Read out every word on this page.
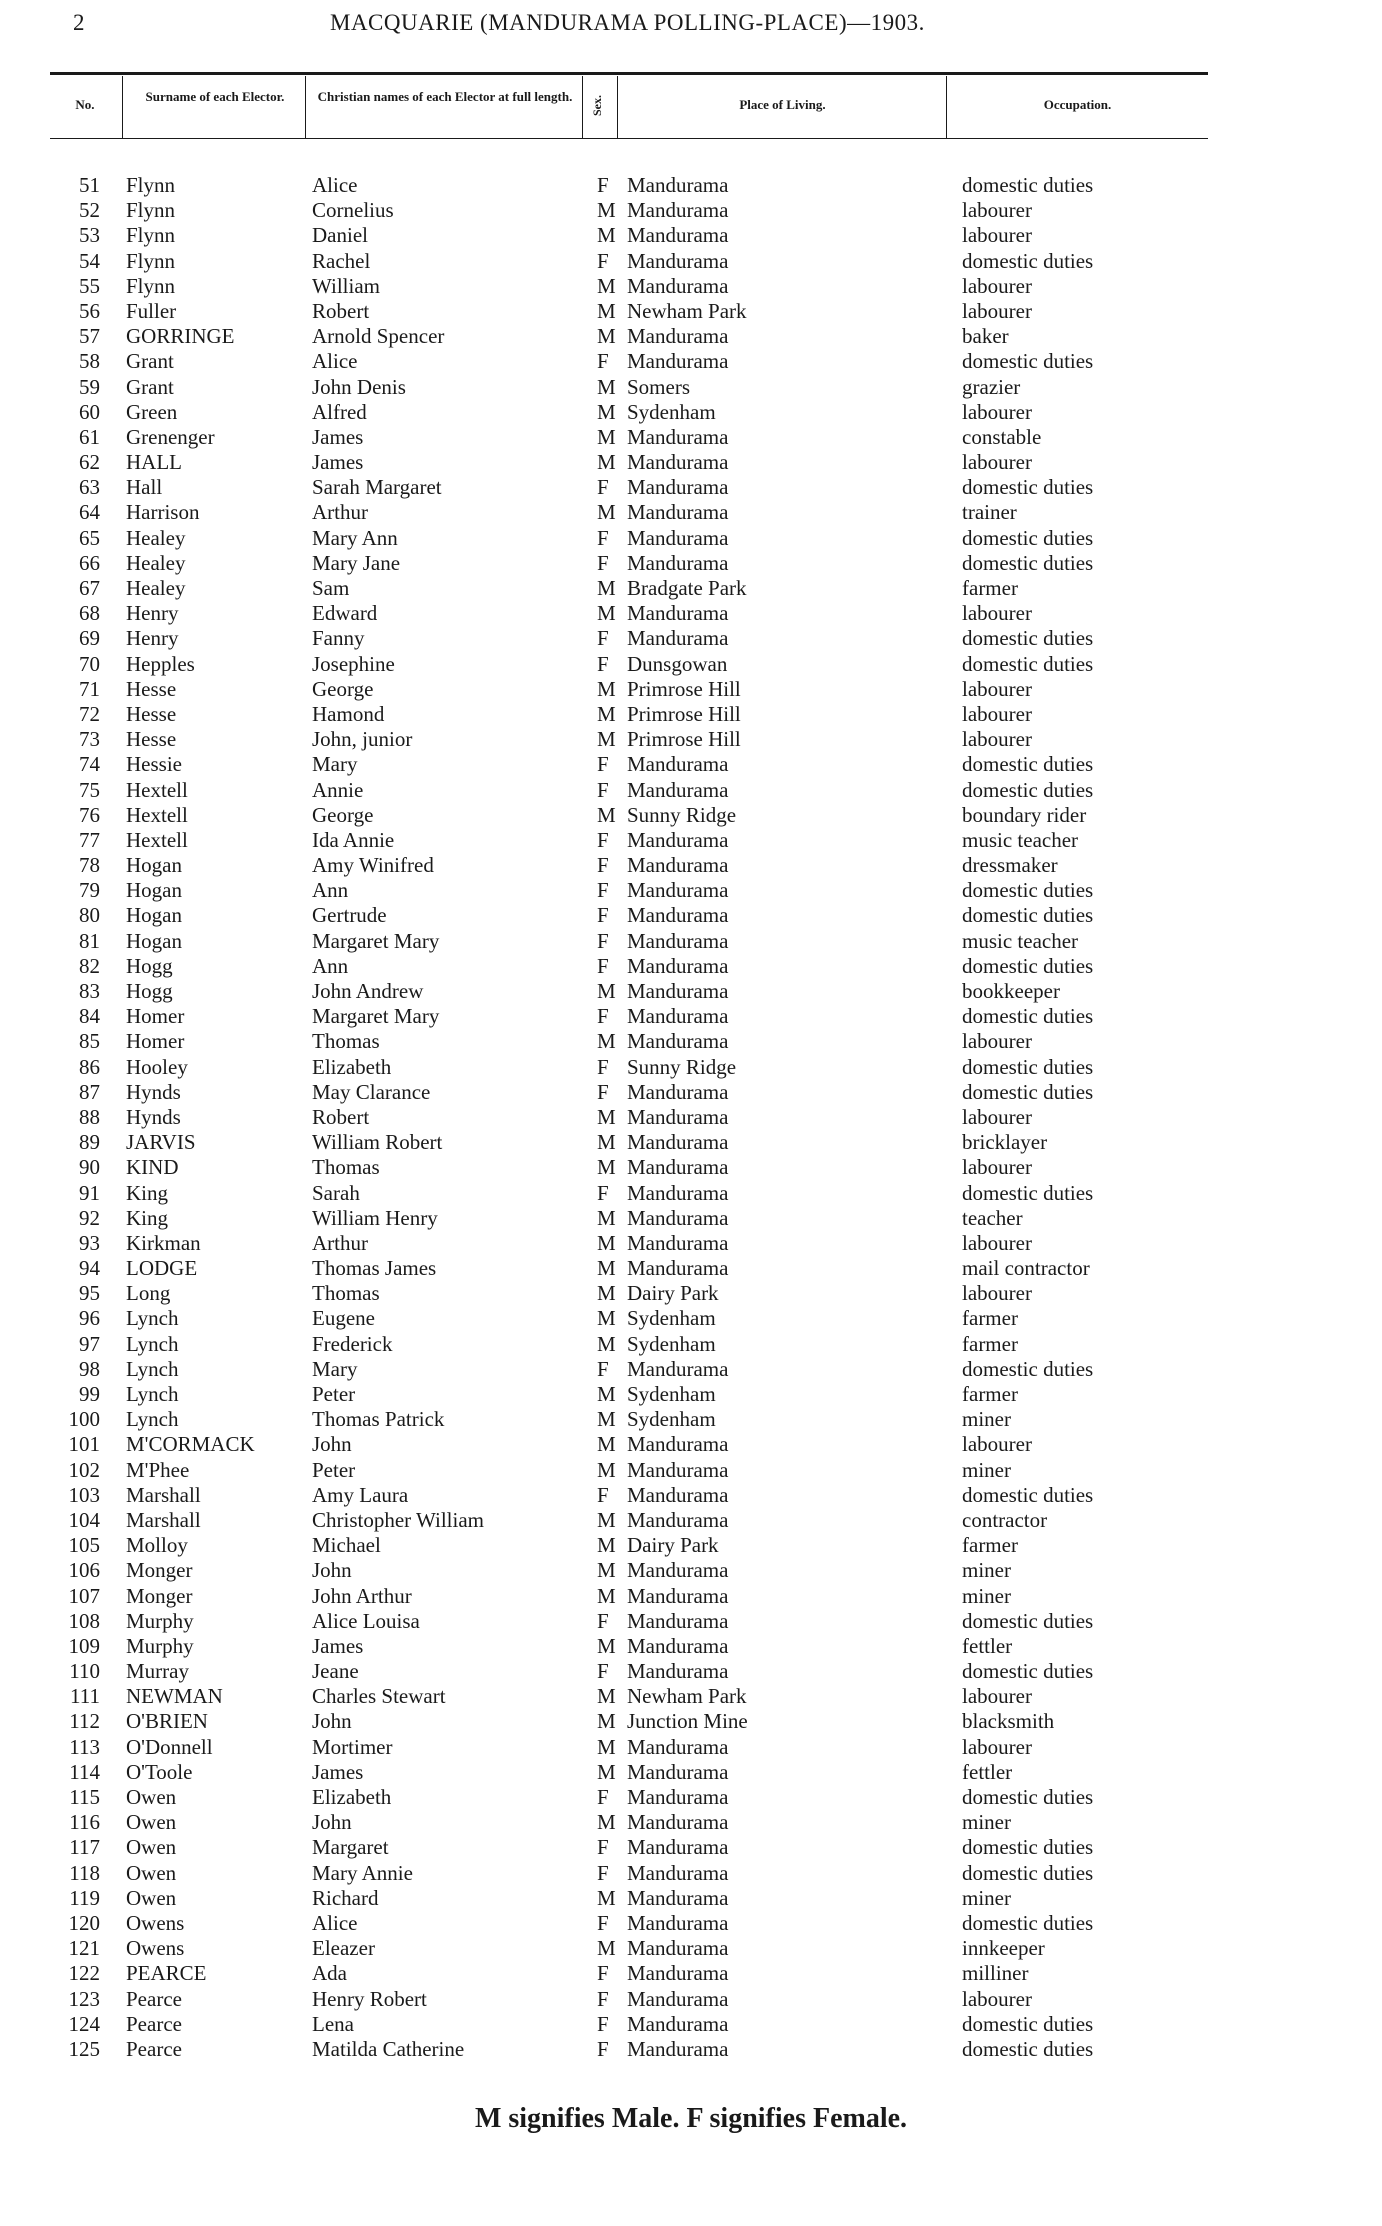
2	MACQUARIE (MANDURAMA POLLING-PLACE)—1903.
No.
Surname of each Elector.	Christian names of each Elector at full length. Sex.	Place of Living.	Occupation.
51 Flynn	Alice	F Mandurama	domestic duties
52 Flynn	Cornelius	M Mandurama	labourer
53 Flynn	Daniel	M Mandurama	labourer
54 Flynn	Rachel	F Mandurama	domestic duties
55 Flynn	William	M Mandurama	labourer
56 Fuller	Robert	M Newham Park	labourer
57 GORRINGE	Arnold Spencer	M Mandurama	baker
58 Grant	Alice	F Mandurama	domestic duties
59 Grant	John Denis	M Somers	grazier
60 Green	Alfred	M Sydenham	labourer
61 Grenenger	James	M Mandurama	constable
62 HALL	James	M Mandurama	labourer
63 Hall	Sarah Margaret	F Mandurama	domestic duties
64 Harrison	Arthur	M Mandurama	trainer
65 Healey	Mary Ann	F Mandurama	domestic duties
66 Healey	Mary Jane	F Mandurama	domestic duties
67 Healey	Sam	M Bradgate Park	farmer
68 Henry	Edward	M Mandurama	labourer
69 Henry	Fanny	F Mandurama	domestic duties
70 Hepples	Josephine	F Dunsgowan	domestic duties
71 Hesse	George	M Primrose Hill	labourer
72 Hesse	Hamond	M Primrose Hill	labourer
73 Hesse	John, junior	M Primrose Hill	labourer
74 Hessie	Mary	F Mandurama	domestic duties
75 Hextell	Annie	F Mandurama	domestic duties
76 Hextell	George	M Sunny Ridge	boundary rider
77 Hextell	Ida Annie	F Mandurama	music teacher
78 Hogan	Amy Winifred	F Mandurama	dressmaker
79 Hogan	Ann	F Mandurama	domestic duties
80 Hogan	Gertrude	F Mandurama	domestic duties
81 Hogan	Margaret Mary	F Mandurama	music teacher
82 Hogg	Ann	F Mandurama	domestic duties
83 Hogg	John Andrew	M Mandurama	bookkeeper
84 Homer	Margaret Mary	F Mandurama	domestic duties
85 Homer	Thomas	M Mandurama	labourer
86 Hooley	Elizabeth	F Sunny Ridge	domestic duties
87 Hynds	May Clarance	F Mandurama	domestic duties
88 Hynds	Robert	M Mandurama	labourer
89 JARVIS	William Robert	M Mandurama	bricklayer
90 KIND	Thomas	M Mandurama	labourer
91 King	Sarah	F Mandurama	domestic duties
92 King	William Henry	M Mandurama	teacher
93 Kirkman	Arthur	M Mandurama	labourer
94 LODGE	Thomas James	M Mandurama	mail contractor
95 Long	Thomas	M Dairy Park	labourer
96 Lynch	Eugene	M Sydenham	farmer
97 Lynch	Frederick	M Sydenham	farmer
98 Lynch	Mary	F Mandurama	domestic duties
99 Lynch	Peter	M Sydenham	farmer
100 Lynch	Thomas Patrick	M Sydenham	miner
101 M'CORMACK	John	M Mandurama	labourer
102 M'Phee	Peter	M Mandurama	miner
103 Marshall	Amy Laura	F Mandurama	domestic duties
104 Marshall	Christopher William	M Mandurama	contractor
105 Molloy	Michael	M Dairy Park	farmer
106 Monger	John	M Mandurama	miner
107 Monger	John Arthur	M Mandurama	miner
108 Murphy	Alice Louisa	F Mandurama	domestic duties
109 Murphy	James	M Mandurama	fettler
110 Murray	Jeane	F Mandurama	domestic duties
111 NEWMAN	Charles Stewart	M Newham Park	labourer
112 O'BRIEN	John	M Junction Mine	blacksmith
113 O'Donnell	Mortimer	M Mandurama	labourer
114 O'Toole	James	M Mandurama	fettler
115 Owen	Elizabeth	F Mandurama	domestic duties
116 Owen	John	M Mandurama	miner
117 Owen	Margaret	F Mandurama	domestic duties
118 Owen	Mary Annie	F Mandurama	domestic duties
119 Owen	Richard	M Mandurama	miner
120 Owens	Alice	F Mandurama	domestic duties
121 Owens	Eleazer	M Mandurama	innkeeper
122 PEARCE	Ada	F Mandurama	milliner
123 Pearce	Henry Robert	F Mandurama	labourer
124 Pearce	Lena	F Mandurama	domestic duties
125 Pearce	Matilda Catherine	F Mandurama	domestic duties
M signifies Male. F signifies Female.
